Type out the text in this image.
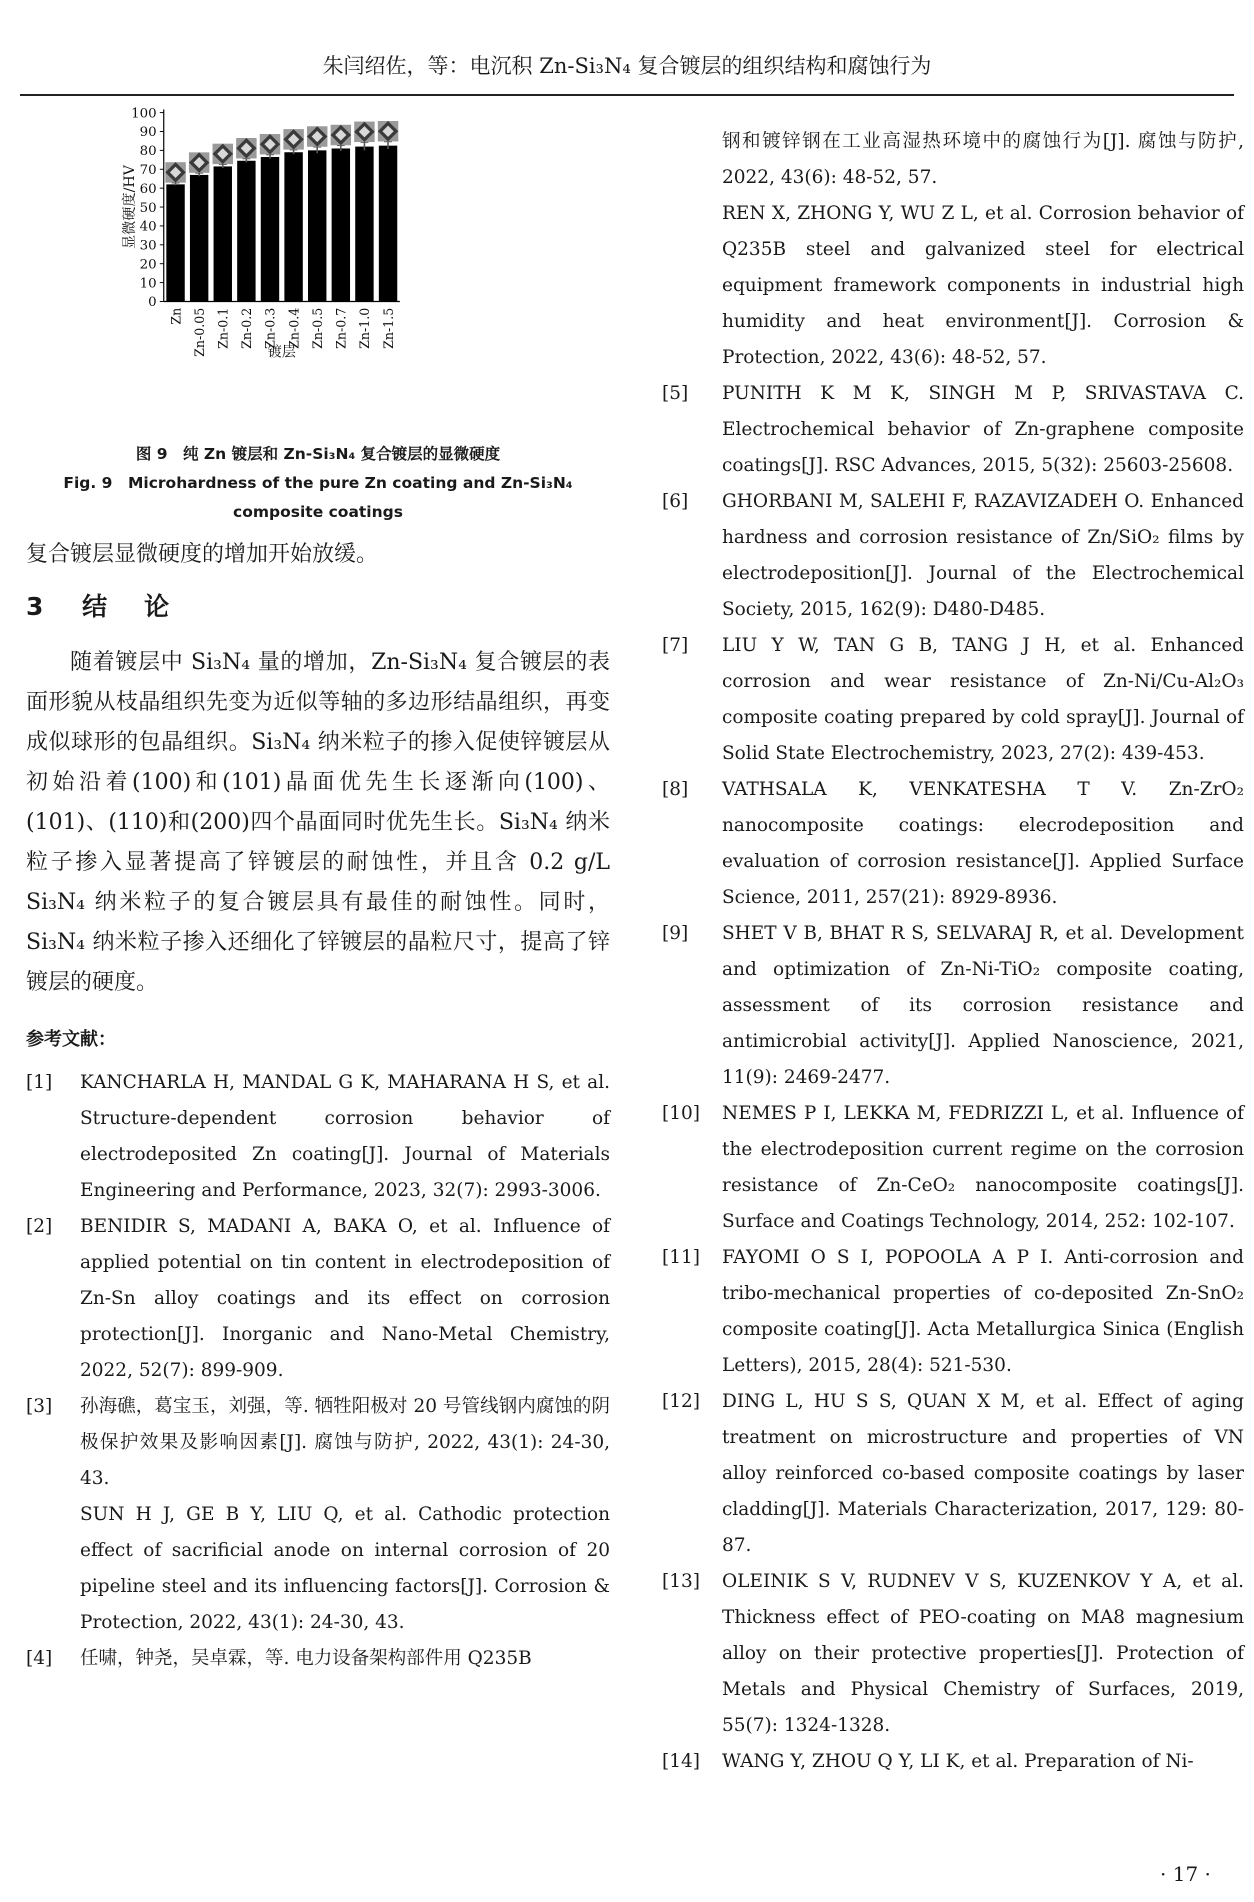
朱闫绍佐，等：电沉积 Zn-Si₃N₄ 复合镀层的组织结构和腐蚀行为
0
10
20
30
40
50
60
70
80
90
100
显微硬度/HV
Zn Zn-0.05 Zn-0.1 Zn-0.2 Zn-0.3 Zn-0.4 Zn-0.5 Zn-0.7 Zn-1.0 Zn-1.5
镀层
图 9　纯 Zn 镀层和 Zn-Si₃N₄ 复合镀层的显微硬度
Fig. 9　Microhardness of the pure Zn coating and Zn-Si₃N₄
composite coatings

复合镀层显微硬度的增加开始放缓。

3 结　论

随着镀层中 Si₃N₄ 量的增加，Zn-Si₃N₄ 复合镀层的表面形貌从枝晶组织先变为近似等轴的多边形结晶组织，再变成似球形的包晶组织。Si₃N₄ 纳米粒子的掺入促使锌镀层从初始沿着(100)和(101)晶面优先生长逐渐向(100)、(101)、(110)和(200)四个晶面同时优先生长。Si₃N₄ 纳米粒子掺入显著提高了锌镀层的耐蚀性，并且含 0.2 g/L Si₃N₄ 纳米粒子的复合镀层具有最佳的耐蚀性。同时，Si₃N₄ 纳米粒子掺入还细化了锌镀层的晶粒尺寸，提高了锌镀层的硬度。

参考文献：
[1]	KANCHARLA H, MANDAL G K, MAHARANA H S, et al. Structure-dependent corrosion behavior of electrodeposited Zn coating[J]. Journal of Materials Engineering and Performance, 2023, 32(7): 2993-3006.
[2]	BENIDIR S, MADANI A, BAKA O, et al. Influence of applied potential on tin content in electrodeposition of Zn-Sn alloy coatings and its effect on corrosion protection[J]. Inorganic and Nano-Metal Chemistry, 2022, 52(7): 899-909.
[3]	孙海礁，葛宝玉，刘强，等. 牺牲阳极对 20 号管线钢内腐蚀的阴极保护效果及影响因素[J]. 腐蚀与防护, 2022, 43(1): 24-30, 43.
SUN H J, GE B Y, LIU Q, et al. Cathodic protection effect of sacrificial anode on internal corrosion of 20 pipeline steel and its influencing factors[J]. Corrosion & Protection, 2022, 43(1): 24-30, 43.
[4]	任啸，钟尧，吴卓霖，等. 电力设备架构部件用 Q235B
钢和镀锌钢在工业高湿热环境中的腐蚀行为[J]. 腐蚀与防护, 2022, 43(6): 48-52, 57.
REN X, ZHONG Y, WU Z L, et al. Corrosion behavior of Q235B steel and galvanized steel for electrical equipment framework components in industrial high humidity and heat environment[J]. Corrosion & Protection, 2022, 43(6): 48-52, 57.
[5]	PUNITH K M K, SINGH M P, SRIVASTAVA C. Electrochemical behavior of Zn-graphene composite coatings[J]. RSC Advances, 2015, 5(32): 25603-25608.
[6]	GHORBANI M, SALEHI F, RAZAVIZADEH O. Enhanced hardness and corrosion resistance of Zn/SiO₂ films by electrodeposition[J]. Journal of the Electrochemical Society, 2015, 162(9): D480-D485.
[7]	LIU Y W, TAN G B, TANG J H, et al. Enhanced corrosion and wear resistance of Zn-Ni/Cu-Al₂O₃ composite coating prepared by cold spray[J]. Journal of Solid State Electrochemistry, 2023, 27(2): 439-453.
[8]	VATHSALA K, VENKATESHA T V. Zn-ZrO₂ nanocomposite coatings: elecrodeposition and evaluation of corrosion resistance[J]. Applied Surface Science, 2011, 257(21): 8929-8936.
[9]	SHET V B, BHAT R S, SELVARAJ R, et al. Development and optimization of Zn-Ni-TiO₂ composite coating, assessment of its corrosion resistance and antimicrobial activity[J]. Applied Nanoscience, 2021, 11(9): 2469-2477.
[10]	NEMES P I, LEKKA M, FEDRIZZI L, et al. Influence of the electrodeposition current regime on the corrosion resistance of Zn-CeO₂ nanocomposite coatings[J]. Surface and Coatings Technology, 2014, 252: 102-107.
[11]	FAYOMI O S I, POPOOLA A P I. Anti-corrosion and tribo-mechanical properties of co-deposited Zn-SnO₂ composite coating[J]. Acta Metallurgica Sinica (English Letters), 2015, 28(4): 521-530.
[12]	DING L, HU S S, QUAN X M, et al. Effect of aging treatment on microstructure and properties of VN alloy reinforced co-based composite coatings by laser cladding[J]. Materials Characterization, 2017, 129: 80-87.
[13]	OLEINIK S V, RUDNEV V S, KUZENKOV Y A, et al. Thickness effect of PEO-coating on MA8 magnesium alloy on their protective properties[J]. Protection of Metals and Physical Chemistry of Surfaces, 2019, 55(7): 1324-1328.
[14]	WANG Y, ZHOU Q Y, LI K, et al. Preparation of Ni-
· 17 ·
